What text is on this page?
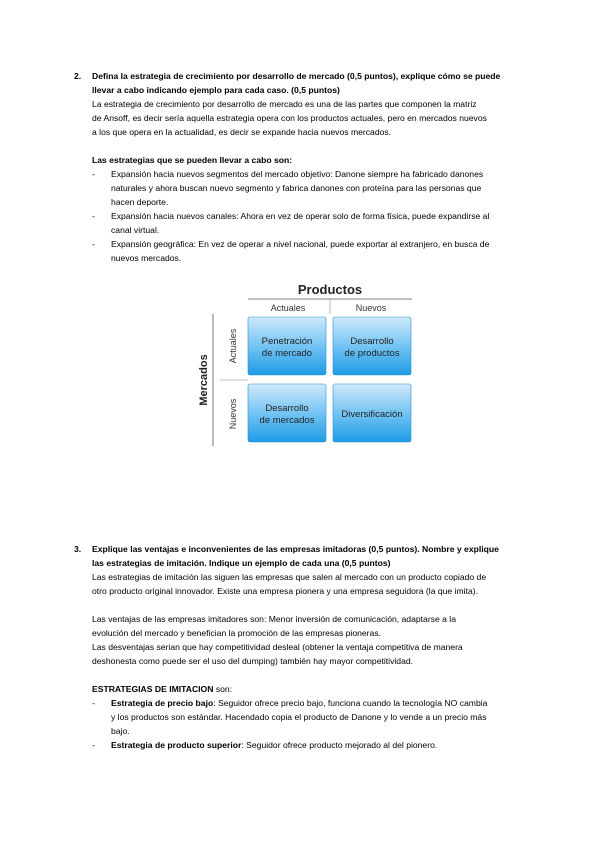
2. Defina la estrategia de crecimiento por desarrollo de mercado (0,5 puntos), explique cómo se puede
llevar a cabo indicando ejemplo para cada caso. (0,5 puntos)
La estrategia de crecimiento por desarrollo de mercado es una de las partes que componen la matriz
de Ansoff, es decir sería aquella estrategia opera con los productos actuales, pero en mercados nuevos
a los que opera en la actualidad, es decir se expande hacia nuevos mercados.
Las estrategias que se pueden llevar a cabo son:
- Expansión hacia nuevos segmentos del mercado objetivo: Danone siempre ha fabricado danones
naturales y ahora buscan nuevo segmento y fabrica danones con proteína para las personas que
hacen deporte.
- Expansión hacia nuevos canales: Ahora en vez de operar solo de forma física, puede expandirse al
canal virtual.
- Expansión geográfica: En vez de operar a nivel nacional, puede exportar al extranjero, en busca de
nuevos mercados.
Productos
Actuales	Nuevos
Mercados
Actuales
Nuevos
Penetración
de mercado
Desarrollo
de productos
Desarrollo
de mercados
Diversificación
3. Explique las ventajas e inconvenientes de las empresas imitadoras (0,5 puntos). Nombre y explique
las estrategias de imitación. Indique un ejemplo de cada una (0,5 puntos)
Las estrategias de imitación las siguen las empresas que salen al mercado con un producto copiado de
otro producto original innovador. Existe una empresa pionera y una empresa seguidora (la que imita).
Las ventajas de las empresas imitadores son: Menor inversión de comunicación, adaptarse a la
evolución del mercado y benefician la promoción de las empresas pioneras.
Las desventajas serian que hay competitividad desleal (obtener la ventaja competitiva de manera
deshonesta como puede ser el uso del dumping) también hay mayor competitividad.
ESTRATEGIAS DE IMITACION son:
- Estrategia de precio bajo: Seguidor ofrece precio bajo, funciona cuando la tecnología NO cambia
y los productos son estándar. Hacendado copia el producto de Danone y lo vende a un precio más
bajo.
- Estrategia de producto superior: Seguidor ofrece producto mejorado al del pionero.
